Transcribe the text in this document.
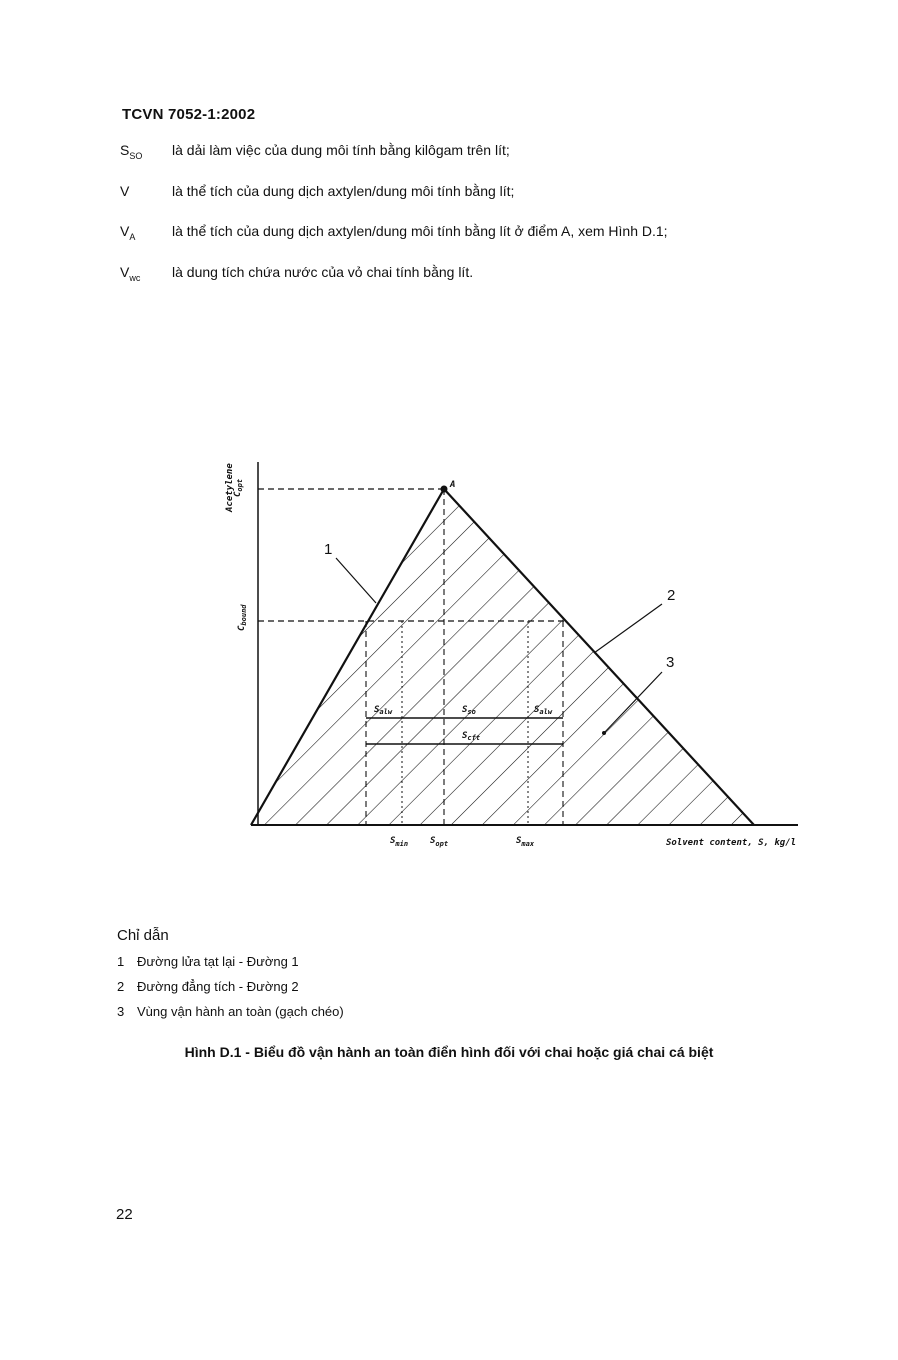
TCVN 7052-1:2002
$S_{SO}$	là dải làm việc của dung môi tính bằng kilôgam trên lít;
V	là thể tích của dung dịch axtylen/dung môi tính bằng lít;
$V_A$	là thể tích của dung dịch axtylen/dung môi tính bằng lít ở điểm A, xem Hình D.1;
$V_{wc}$	là dung tích chứa nước của vỏ chai tính bằng lít.
A
Acetylene
$C_{opt}$
$C_{bound}$
$S_{min}$ $S_{opt}$	$S_{max}$	Solvent content, S, kg/l
$S_{alw}$	$S_{so}$	$S_{alw}$
$S_{cft}$
1
2
3
Chỉ dẫn
1 Đường lửa tạt lại - Đường 1
2 Đường đẳng tích - Đường 2
3 Vùng vận hành an toàn (gạch chéo)
Hình D.1 - Biểu đồ vận hành an toàn điển hình đối với chai hoặc giá chai cá biệt
22
